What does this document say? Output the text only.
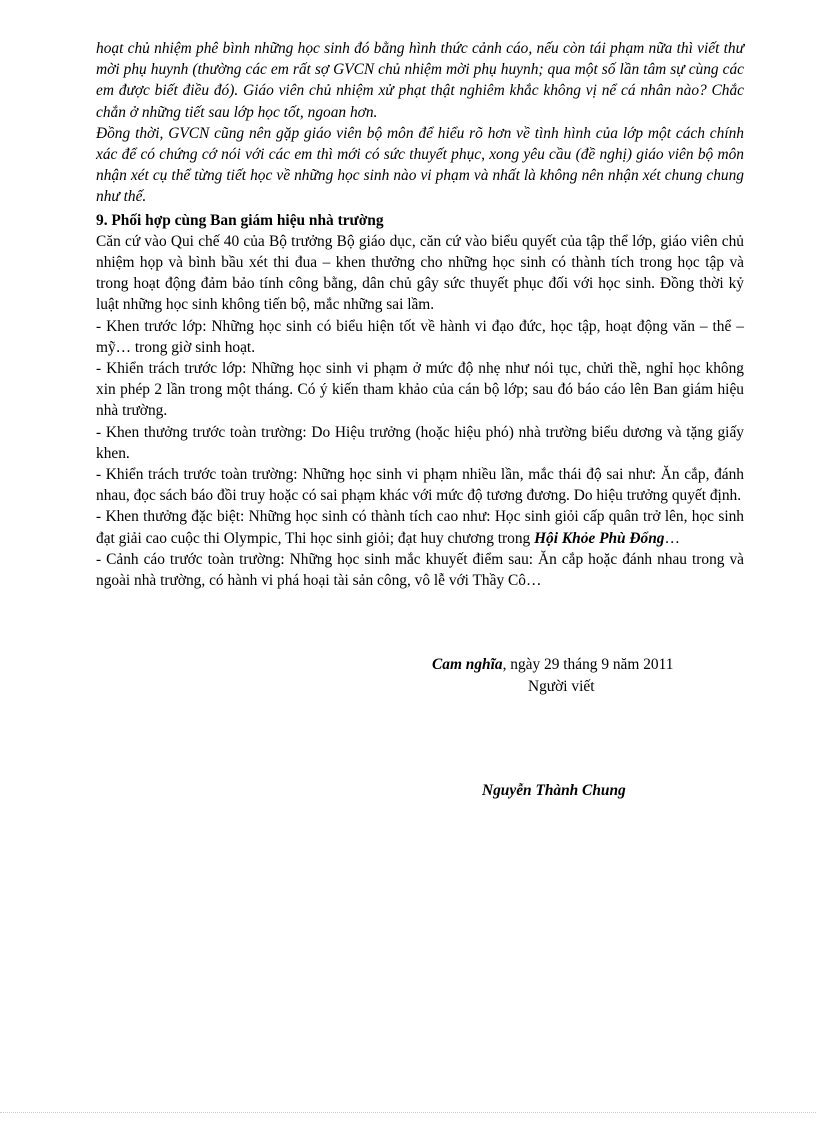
hoạt chủ nhiệm phê bình những học sinh đó bằng hình thức cảnh cáo, nếu còn tái phạm nữa thì viết thư mời phụ huynh (thường các em rất sợ GVCN chủ nhiệm mời phụ huynh; qua một số lần tâm sự cùng các em được biết điều đó). Giáo viên chủ nhiệm xử phạt thật nghiêm khắc không vị nể cá nhân nào? Chắc chắn ở những tiết sau lớp học tốt, ngoan hơn.

Đồng thời, GVCN cũng nên gặp giáo viên bộ môn để hiểu rõ hơn về tình hình của lớp một cách chính xác để có chứng cớ nói với các em thì mới có sức thuyết phục, xong yêu cầu (đề nghị) giáo viên bộ môn nhận xét cụ thể từng tiết học về những học sinh nào vi phạm và nhất là không nên nhận xét chung chung như thế.

9. Phối hợp cùng Ban giám hiệu nhà trường

Căn cứ vào Qui chế 40 của Bộ trưởng Bộ giáo dục, căn cứ vào biểu quyết của tập thể lớp, giáo viên chủ nhiệm họp và bình bầu xét thi đua – khen thưởng cho những học sinh có thành tích trong học tập và trong hoạt động đảm bảo tính công bằng, dân chủ gây sức thuyết phục đối với học sinh. Đồng thời kỷ luật những học sinh không tiến bộ, mắc những sai lầm.

- Khen trước lớp: Những học sinh có biểu hiện tốt về hành vi đạo đức, học tập, hoạt động văn – thể – mỹ… trong giờ sinh hoạt.

- Khiển trách trước lớp: Những học sinh vi phạm ở mức độ nhẹ như nói tục, chửi thề, nghỉ học không xin phép 2 lần trong một tháng. Có ý kiến tham khảo của cán bộ lớp; sau đó báo cáo lên Ban giám hiệu nhà trường.

- Khen thưởng trước toàn trường: Do Hiệu trưởng (hoặc hiệu phó) nhà trường biểu dương và tặng giấy khen.

- Khiển trách trước toàn trường: Những học sinh vi phạm nhiều lần, mắc thái độ sai như: Ăn cắp, đánh nhau, đọc sách báo đồi truy hoặc có sai phạm khác với mức độ tương đương. Do hiệu trưởng quyết định.

- Khen thưởng đặc biệt: Những học sinh có thành tích cao như: Học sinh giỏi cấp quân trở lên, học sinh đạt giải cao cuộc thi Olympic, Thi học sinh giỏi; đạt huy chương trong Hội Khỏe Phù Đổng…

- Cảnh cáo trước toàn trường: Những học sinh mắc khuyết điểm sau: Ăn cắp hoặc đánh nhau trong và ngoài nhà trường, có hành vi phá hoại tài sản công, vô lễ với Thầy Cô…

Cam nghĩa, ngày 29 tháng 9 năm 2011
Người viết
Nguyễn Thành Chung
